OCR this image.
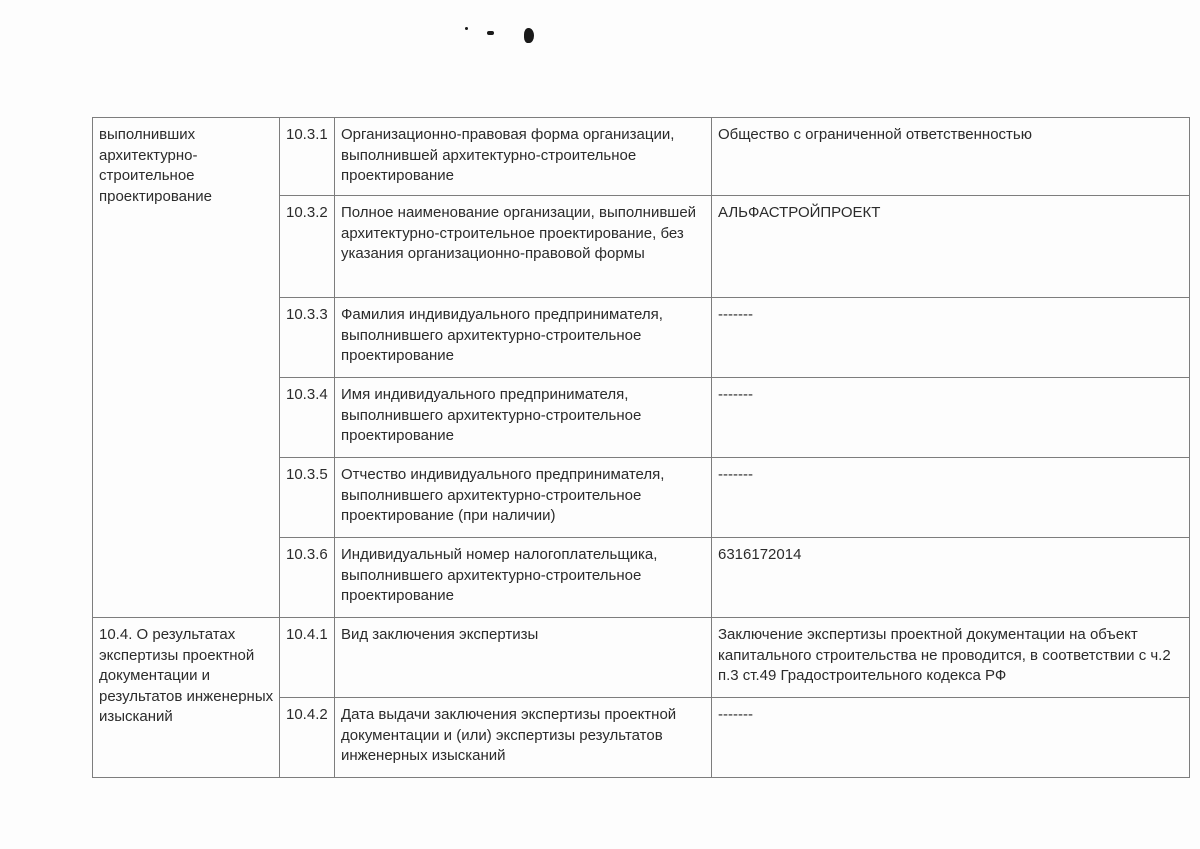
выполнивших архитектурно-строительное проектирование	10.3.1	Организационно-правовая форма организации, выполнившей архитектурно-строительное проектирование	Общество с ограниченной ответственностью
	10.3.2	Полное наименование организации, выполнившей архитектурно-строительное проектирование, без указания организационно-правовой формы	АЛЬФАСТРОЙПРОЕКТ
	10.3.3	Фамилия индивидуального предпринимателя, выполнившего архитектурно-строительное проектирование	-------
	10.3.4	Имя индивидуального предпринимателя, выполнившего архитектурно-строительное проектирование	-------
	10.3.5	Отчество индивидуального предпринимателя, выполнившего архитектурно-строительное проектирование (при наличии)	-------
	10.3.6	Индивидуальный номер налогоплательщика, выполнившего архитектурно-строительное проектирование	6316172014
10.4. О результатах экспертизы проектной документации и результатов инженерных изысканий	10.4.1	Вид заключения экспертизы	Заключение экспертизы проектной документации на объект капитального строительства не проводится, в соответствии с ч.2 п.3 ст.49 Градостроительного кодекса РФ
	10.4.2	Дата выдачи заключения экспертизы проектной документации и (или) экспертизы результатов инженерных изысканий	-------
